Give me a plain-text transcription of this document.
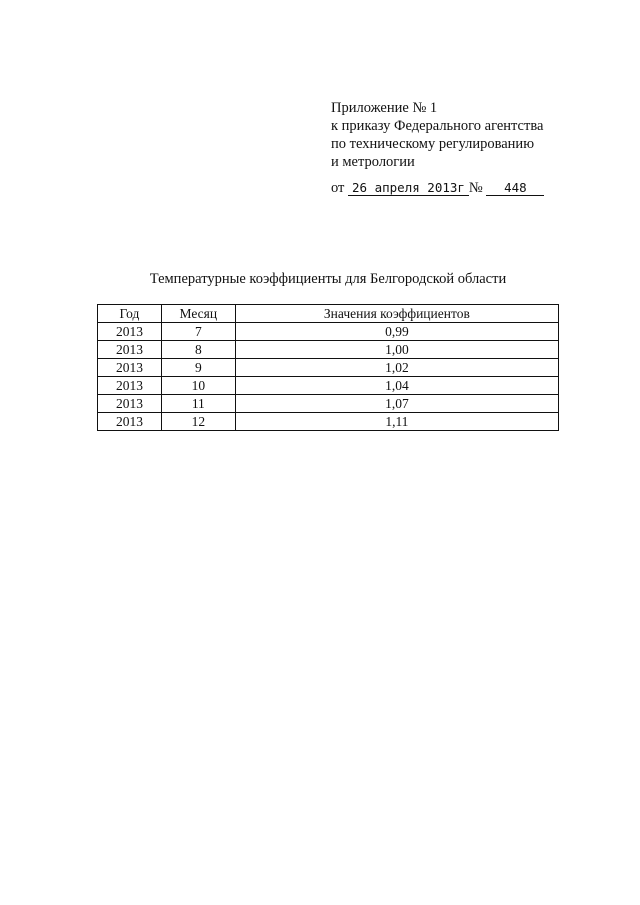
Приложение № 1
к приказу Федерального агентства
по техническому регулированию
и метрологии
от 26 апреля 2013г № 448
Температурные коэффициенты для Белгородской области
Год	Месяц	Значения коэффициентов
2013	7	0,99
2013	8	1,00
2013	9	1,02
2013	10	1,04
2013	11	1,07
2013	12	1,11
